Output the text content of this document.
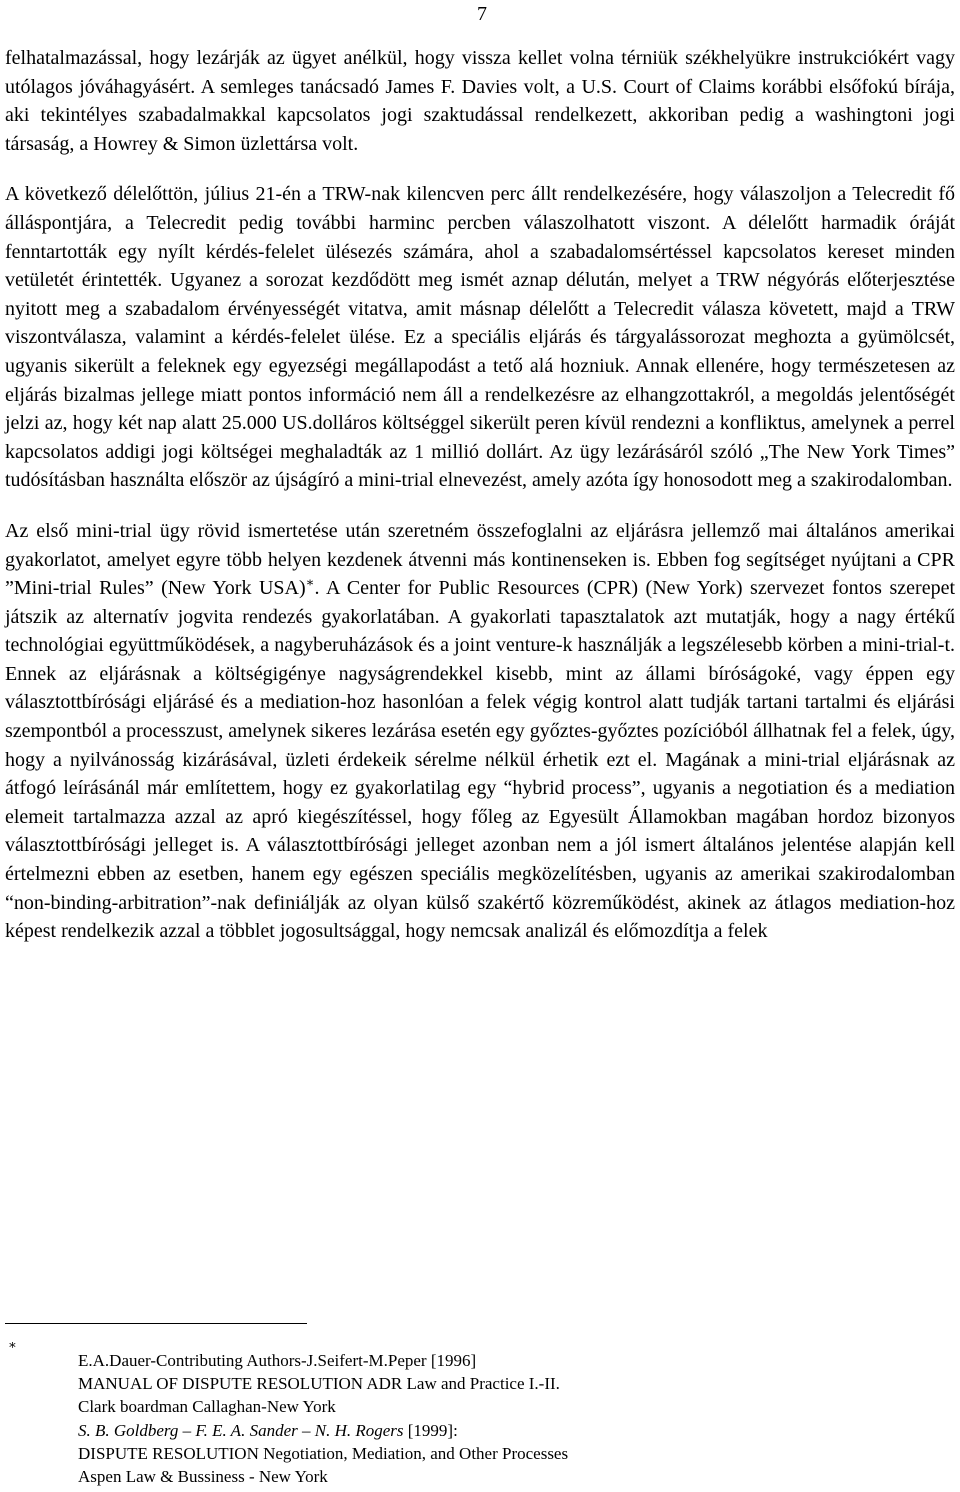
7

felhatalmazással, hogy lezárják az ügyet anélkül, hogy vissza kellet volna térniük székhelyükre instrukciókért vagy utólagos jóváhagyásért. A semleges tanácsadó James F. Davies volt, a U.S. Court of Claims korábbi elsőfokú bírája, aki tekintélyes szabadalmakkal kapcsolatos jogi szaktudással rendelkezett, akkoriban pedig a washingtoni jogi társaság, a Howrey & Simon üzlettársa volt.

A következő délelőttön, július 21-én a TRW-nak kilencven perc állt rendelkezésére, hogy válaszoljon a Telecredit fő álláspontjára, a Telecredit pedig további harminc percben válaszolhatott viszont. A délelőtt harmadik óráját fenntartották egy nyílt kérdés-felelet ülésezés számára, ahol a szabadalomsértéssel kapcsolatos kereset minden vetületét érintették. Ugyanez a sorozat kezdődött meg ismét aznap délután, melyet a TRW négyórás előterjesztése nyitott meg a szabadalom érvényességét vitatva, amit másnap délelőtt a Telecredit válasza követett, majd a TRW viszontválasza, valamint a kérdés-felelet ülése. Ez a speciális eljárás és tárgyalássorozat meghozta a gyümölcsét, ugyanis sikerült a feleknek egy egyezségi megállapodást a tető alá hozniuk. Annak ellenére, hogy természetesen az eljárás bizalmas jellege miatt pontos információ nem áll a rendelkezésre az elhangzottakról, a megoldás jelentőségét jelzi az, hogy két nap alatt 25.000 US.dolláros költséggel sikerült peren kívül rendezni a konfliktus, amelynek a perrel kapcsolatos addigi jogi költségei meghaladták az 1 millió dollárt. Az ügy lezárásáról szóló „The New York Times” tudósításban használta először az újságíró a mini-trial elnevezést, amely azóta így honosodott meg a szakirodalomban.

Az első mini-trial ügy rövid ismertetése után szeretném összefoglalni az eljárásra jellemző mai általános amerikai gyakorlatot, amelyet egyre több helyen kezdenek átvenni más kontinenseken is. Ebben fog segítséget nyújtani a CPR ”Mini-trial Rules” (New York USA)∗. A Center for Public Resources (CPR) (New York) szervezet fontos szerepet játszik az alternatív jogvita rendezés gyakorlatában. A gyakorlati tapasztalatok azt mutatják, hogy a nagy értékű technológiai együttműködések, a nagyberuházások és a joint venture-k használják a legszélesebb körben a mini-trial-t. Ennek az eljárásnak a költségigénye nagyságrendekkel kisebb, mint az állami bíróságoké, vagy éppen egy választottbírósági eljárásé és a mediation-hoz hasonlóan a felek végig kontrol alatt tudják tartani tartalmi és eljárási szempontból a processzust, amelynek sikeres lezárása esetén egy győztes-győztes pozícióból állhatnak fel a felek, úgy, hogy a nyilvánosság kizárásával, üzleti érdekeik sérelme nélkül érhetik ezt el. Magának a mini-trial eljárásnak az átfogó leírásánál már említettem, hogy ez gyakorlatilag egy “hybrid process”, ugyanis a negotiation és a mediation elemeit tartalmazza azzal az apró kiegészítéssel, hogy főleg az Egyesült Államokban magában hordoz bizonyos választottbírósági jelleget is. A választottbírósági jelleget azonban nem a jól ismert általános jelentése alapján kell értelmezni ebben az esetben, hanem egy egészen speciális megközelítésben, ugyanis az amerikai szakirodalomban “non-binding-arbitration”-nak definiálják az olyan külső szakértő közreműködést, akinek az átlagos mediation-hoz képest rendelkezik azzal a többlet jogosultsággal, hogy nemcsak analizál és előmozdítja a felek

∗
E.A.Dauer-Contributing Authors-J.Seifert-M.Peper [1996]
MANUAL OF DISPUTE RESOLUTION ADR Law and Practice I.-II.
Clark boardman Callaghan-New York
S. B. Goldberg – F. E. A. Sander – N. H. Rogers [1999]:
DISPUTE RESOLUTION Negotiation, Mediation, and Other Processes
Aspen Law & Bussiness - New York
